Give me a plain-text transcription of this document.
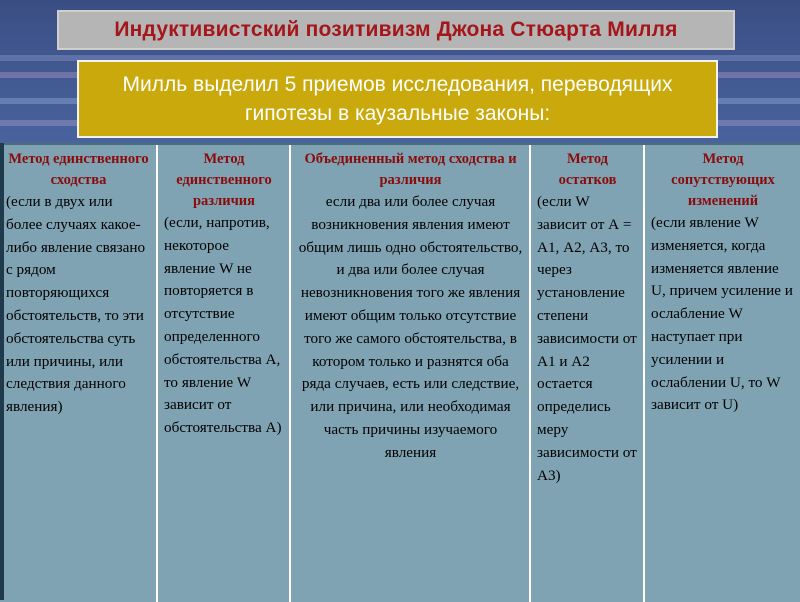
Индуктивистский позитивизм Джона Стюарта Милля
Милль выделил 5 приемов исследования, переводящих гипотезы в каузальные законы:
Метод единственного сходства
(если в двух или более случаях какое-либо явление связано с рядом повторяющихся обстоятельств, то эти обстоятельства суть или причины, или следствия данного явления)
Метод единственного различия
(если, напротив, некоторое явление W не повторяется в отсутствие определенного обстоятельства А, то явление W зависит от обстоятельства А)
Объединенный метод сходства и различия
если два или более случая возникновения явления имеют общим лишь одно обстоятельство, и два или более случая невозникновения того же явления имеют общим только отсутствие того же самого обстоятельства, в котором только и разнятся оба ряда случаев, есть или следствие, или причина, или необходимая часть причины изучаемого явления
Метод остатков
(если W зависит от А = А1, А2, А3, то через установление степени зависимости от А1 и А2 остается определись меру зависимости от А3)
Метод сопутствующих изменений
(если явление W изменяется, когда изменяется явление U, причем усиление и ослабление W наступает при усилении и ослаблении U, то W зависит от U)
